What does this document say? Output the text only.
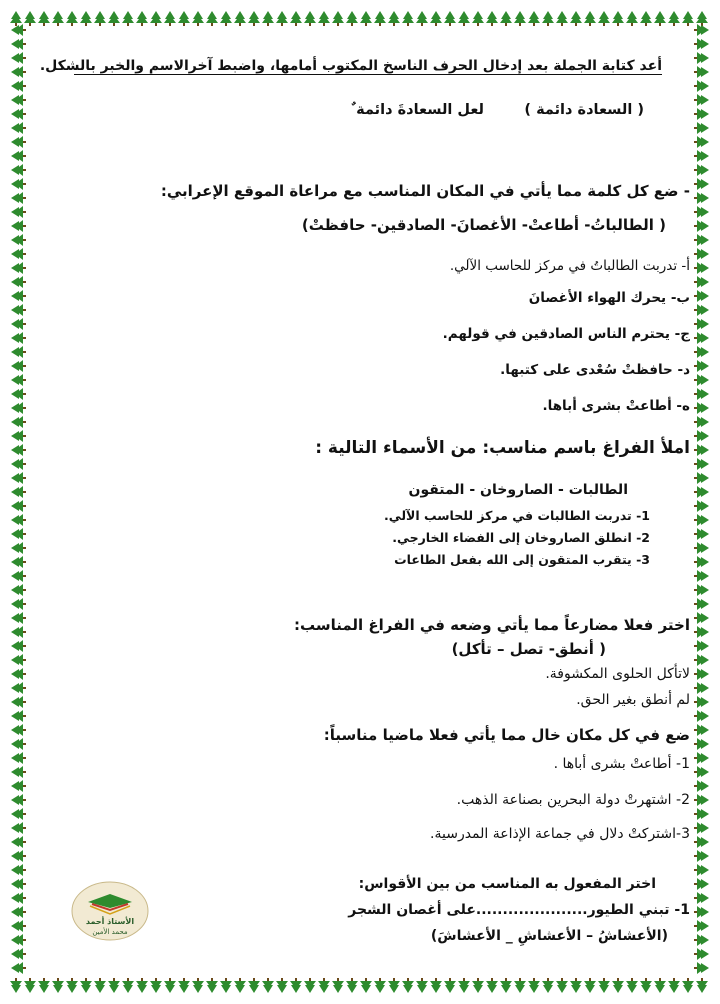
أعد كتابة الجملة بعد إدخال الحرف الناسخ المكتوب أمامها، واضبط آخرالاسم والخبر بالشكل.
( السعادة دائمة )
لعل السعادةَ دائمة ٌ
- ضع كل كلمة مما يأتي في المكان المناسب مع مراعاة الموقع الإعرابي:
( الطالباتُ- أطاعتْ- الأغصانَ- الصادقين- حافظتْ)
أ- تدربت الطالباتُ في مركز للحاسب الآلي.
ب- يحرك الهواء الأغصانَ
ج- يحترم الناس الصادقين في قولهم.
د- حافظتْ سُعْدى على كتبها.
ه- أطاعتْ بشرى أباها.
املأ الفراغ باسم مناسب: من الأسماء التالية :
الطالبات - الصاروخان - المتقون
1- تدربت الطالبات في مركز للحاسب الآلي.
2- انطلق الصاروخان إلى الفضاء الخارجي.
3- يتقرب المتقون إلى الله بفعل الطاعات
اختر فعلا مضارعاً مما يأتي وضعه في الفراغ المناسب:
( أنطق- تصل – تأكل)
لاتأكل الحلوى المكشوفة.
لم أنطق بغير الحق.
ضع في كل مكان خال مما يأتي فعلا ماضيا مناسباً:
1- أطاعتْ بشرى أباها .
2- اشتهرتْ دولة البحرين بصناعة الذهب.
3-اشتركتْ دلال في جماعة الإذاعة المدرسية.
اختر المفعول به المناسب من بين الأقواس:
1- تبني الطيور.....................على أغصان الشجر
(الأعشاشُ – الأعشاشِ _ الأعشاشَ)
الأستاذ أحمد
محمد الأمين
